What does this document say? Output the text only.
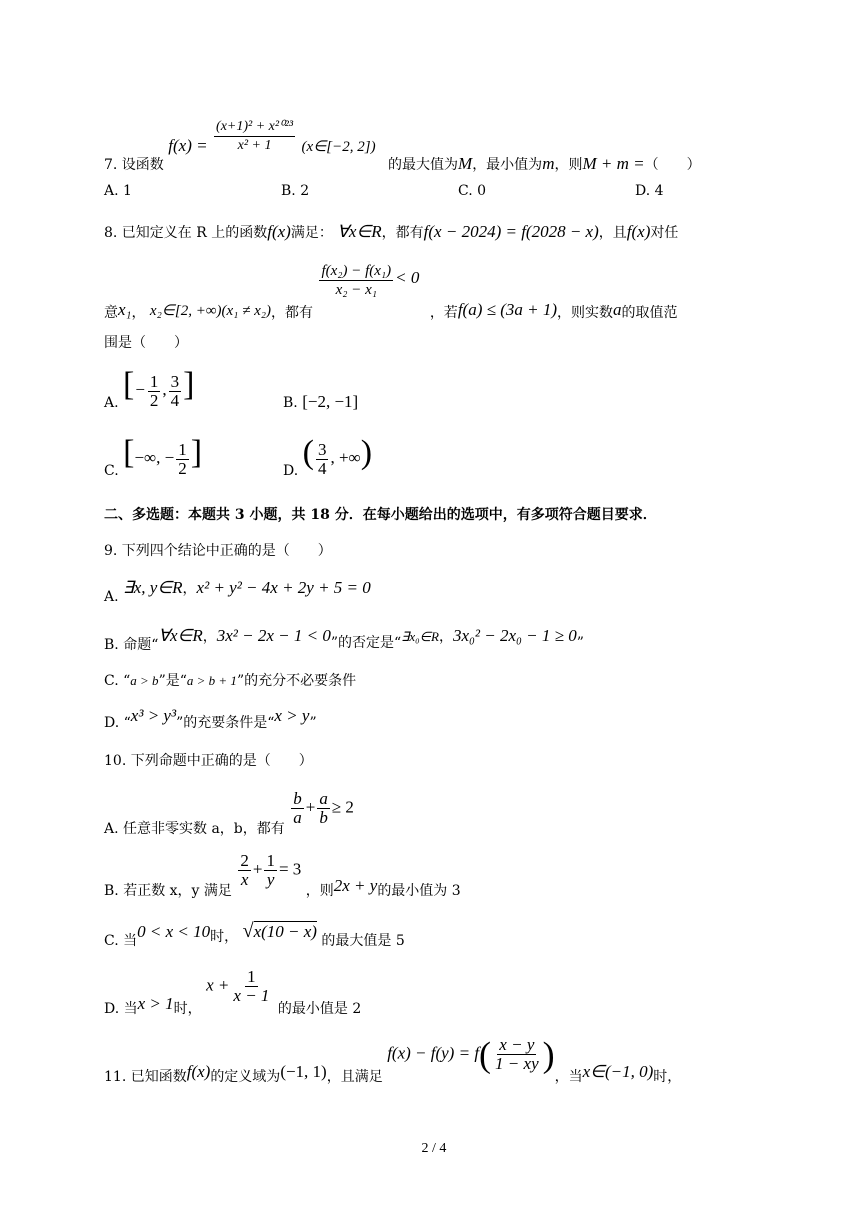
7. 设函数 $f(x) = \frac{\text{(x+1)² + x²⁰²³}}{\text{x² + 1}}$ (x∈[−2, 2]) 的最大值为M，最小值为m，则M + m =（　　）
A. 1	B. 2	C. 0	D. 4
8. 已知定义在 R 上的函数f(x)满足： ∀x∈R，都有f(x − 2024) = f(2028 − x)，且f(x)对任
意x₁， x₂∈[2, +∞)(x₁ ≠ x₂)，都有
$\frac{\text{f(x₂) − f(x₁)}}{\text{x₂ − x₁}} < 0$ ，若f(a) ≤ (3a + 1)，则实数a的取值范
围是（　　）
A. [− $\frac{1}{2}$ , $\frac{3}{4}$ ]	B. [−2, −1]
C. [−∞, − $\frac{1}{2}$ ]	D. ( $\frac{3}{4}$ , +∞)
二、多选题：本题共 3 小题，共 18 分．在每小题给出的选项中，有多项符合题目要求．
9. 下列四个结论中正确的是（　　）
A. ∃x, y∈R，x² + y² − 4x + 2y + 5 = 0
B. 命题“∀x∈R，3x² − 2x − 1 < 0”的否定是“∃x₀∈R，3x₀² − 2x₀ − 1 ≥ 0”
C. “a > b”是“a > b + 1”的充分不必要条件
D. “x³ > y³”的充要条件是“x > y”
10. 下列命题中正确的是（　　）
A. 任意非零实数 a，b，都有
$\frac{b}{a} + \frac{a}{b} \ge 2$
B. 若正数 x，y 满足
$\frac{2}{x} + \frac{1}{y} = 3$ ，则2x + y的最小值为 3
C. 当0 < x < 10时， √x(10 − x) 的最大值是 5
D. 当x > 1时， $x + \frac{1}{x - 1}$
的最小值是 2
11. 已知函数f(x)的定义域为(−1, 1)，且满足 $f(x) - f(y) = f( \frac{x - y}{1 - xy}$ )，当x∈(−1, 0)时，
2 / 4
